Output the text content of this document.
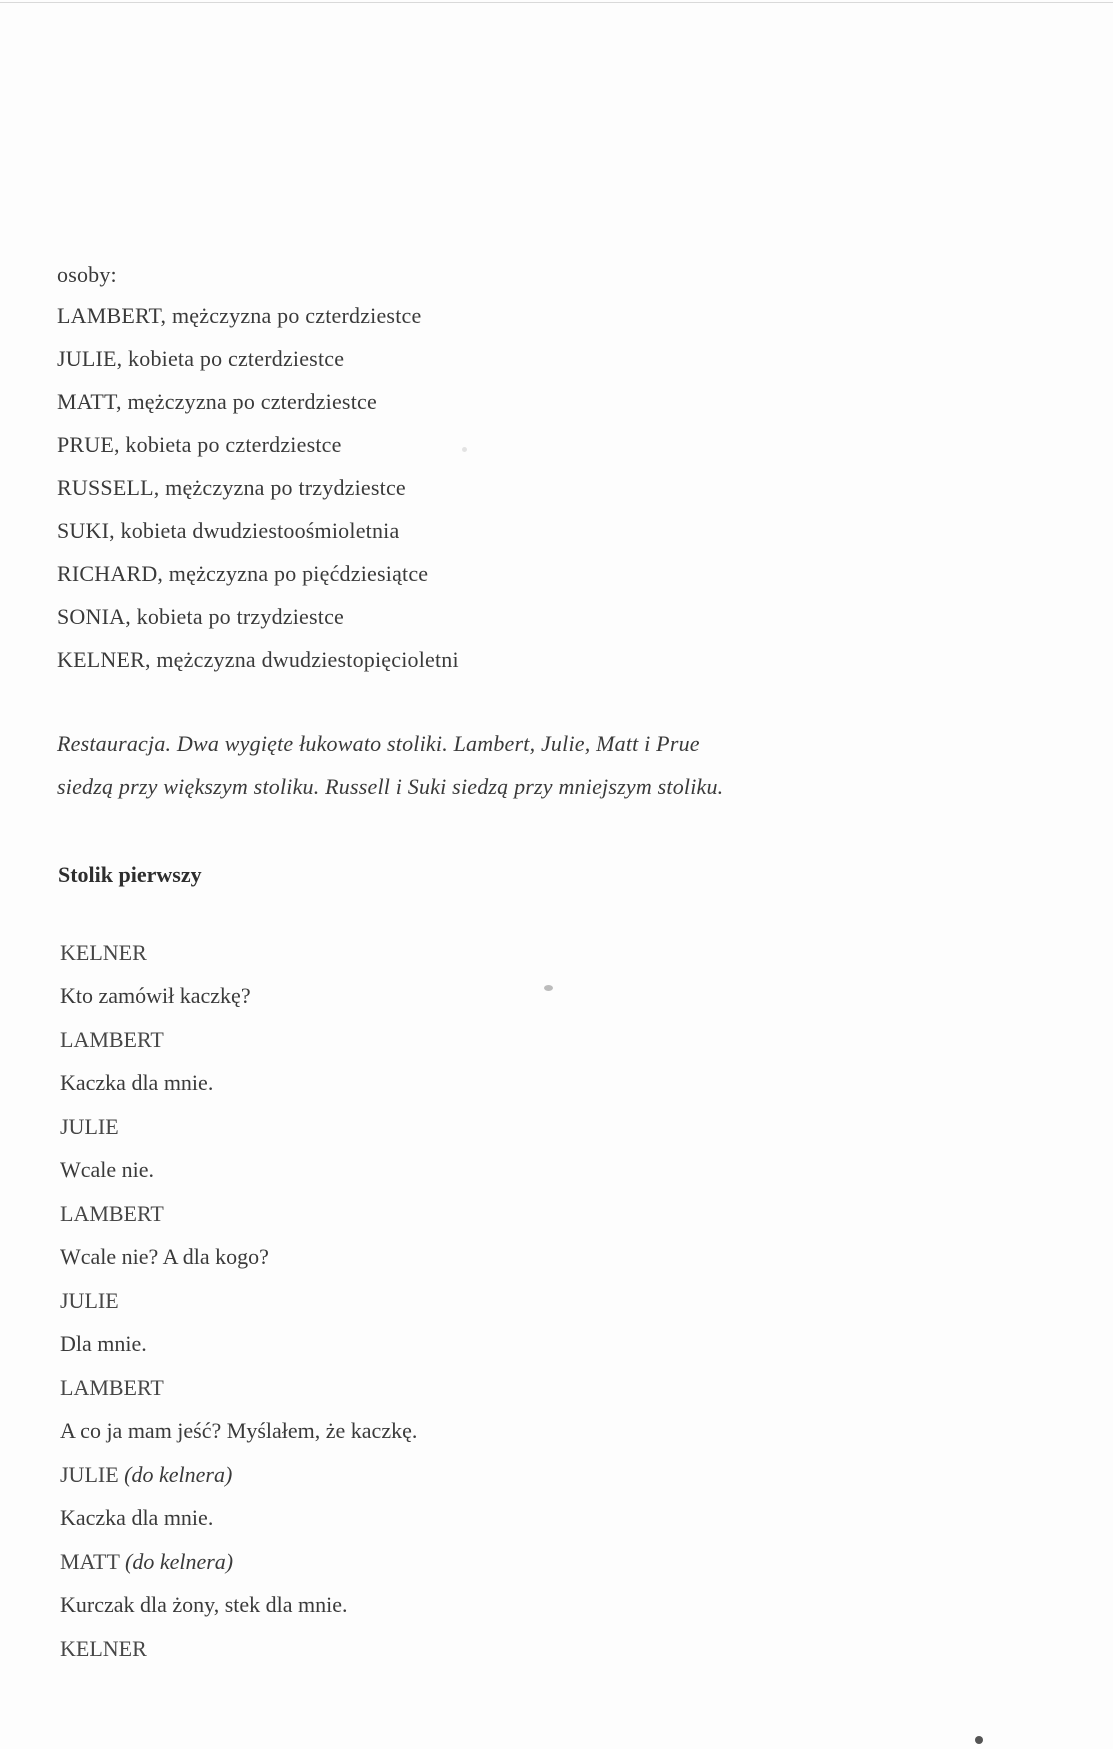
osoby:
LAMBERT, mężczyzna po czterdziestce
JULIE, kobieta po czterdziestce
MATT, mężczyzna po czterdziestce
PRUE, kobieta po czterdziestce
RUSSELL, mężczyzna po trzydziestce
SUKI, kobieta dwudziestoośmioletnia
RICHARD, mężczyzna po pięćdziesiątce
SONIA, kobieta po trzydziestce
KELNER, mężczyzna dwudziestopięcioletni
Restauracja. Dwa wygięte łukowato stoliki. Lambert, Julie, Matt i Prue
siedzą przy większym stoliku. Russell i Suki siedzą przy mniejszym stoliku.
Stolik pierwszy
KELNER
Kto zamówił kaczkę?
LAMBERT
Kaczka dla mnie.
JULIE
Wcale nie.
LAMBERT
Wcale nie? A dla kogo?
JULIE
Dla mnie.
LAMBERT
A co ja mam jeść? Myślałem, że kaczkę.
JULIE (do kelnera)
Kaczka dla mnie.
MATT (do kelnera)
Kurczak dla żony, stek dla mnie.
KELNER
